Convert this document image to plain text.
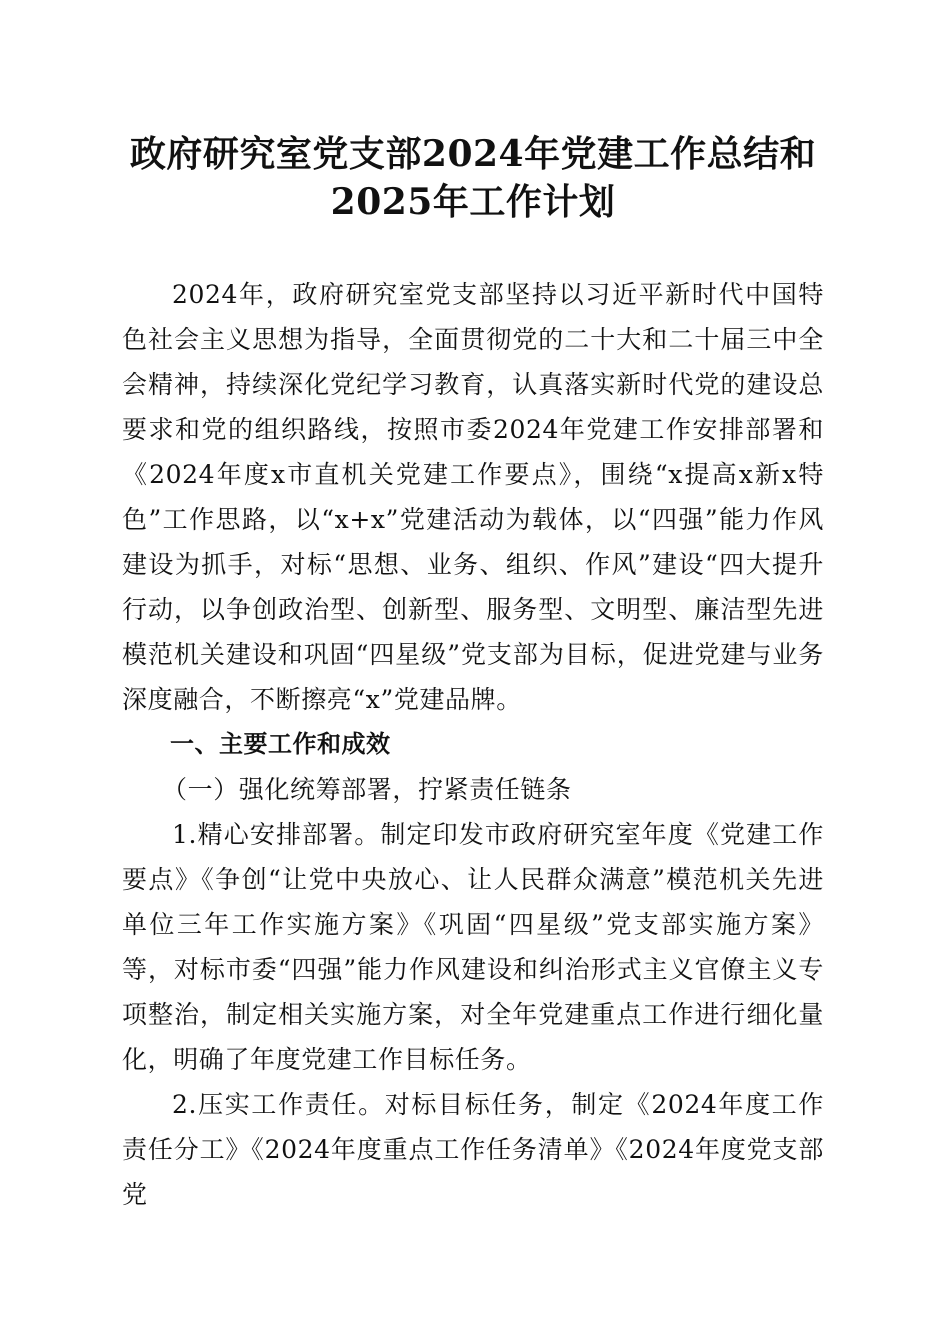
政府研究室党支部2024年党建工作总结和
2025年工作计划

2024年，政府研究室党支部坚持以习近平新时代中国特色社会主义思想为指导，全面贯彻党的二十大和二十届三中全会精神，持续深化党纪学习教育，认真落实新时代党的建设总要求和党的组织路线，按照市委2024年党建工作安排部署和《2024年度x市直机关党建工作要点》，围绕“x提高x新x特色”工作思路，以“x+x”党建活动为载体，以“四强”能力作风建设为抓手，对标“思想、业务、组织、作风”建设“四大提升行动，以争创政治型、创新型、服务型、文明型、廉洁型先进模范机关建设和巩固“四星级”党支部为目标，促进党建与业务深度融合，不断擦亮“x”党建品牌。

一、主要工作和成效
（一）强化统筹部署，拧紧责任链条

1.精心安排部署。制定印发市政府研究室年度《党建工作要点》《争创“让党中央放心、让人民群众满意”模范机关先进单位三年工作实施方案》《巩固“四星级”党支部实施方案》等，对标市委“四强”能力作风建设和纠治形式主义官僚主义专项整治，制定相关实施方案，对全年党建重点工作进行细化量化，明确了年度党建工作目标任务。

2.压实工作责任。对标目标任务，制定《2024年度工作责任分工》《2024年度重点工作任务清单》《2024年度党支部党
